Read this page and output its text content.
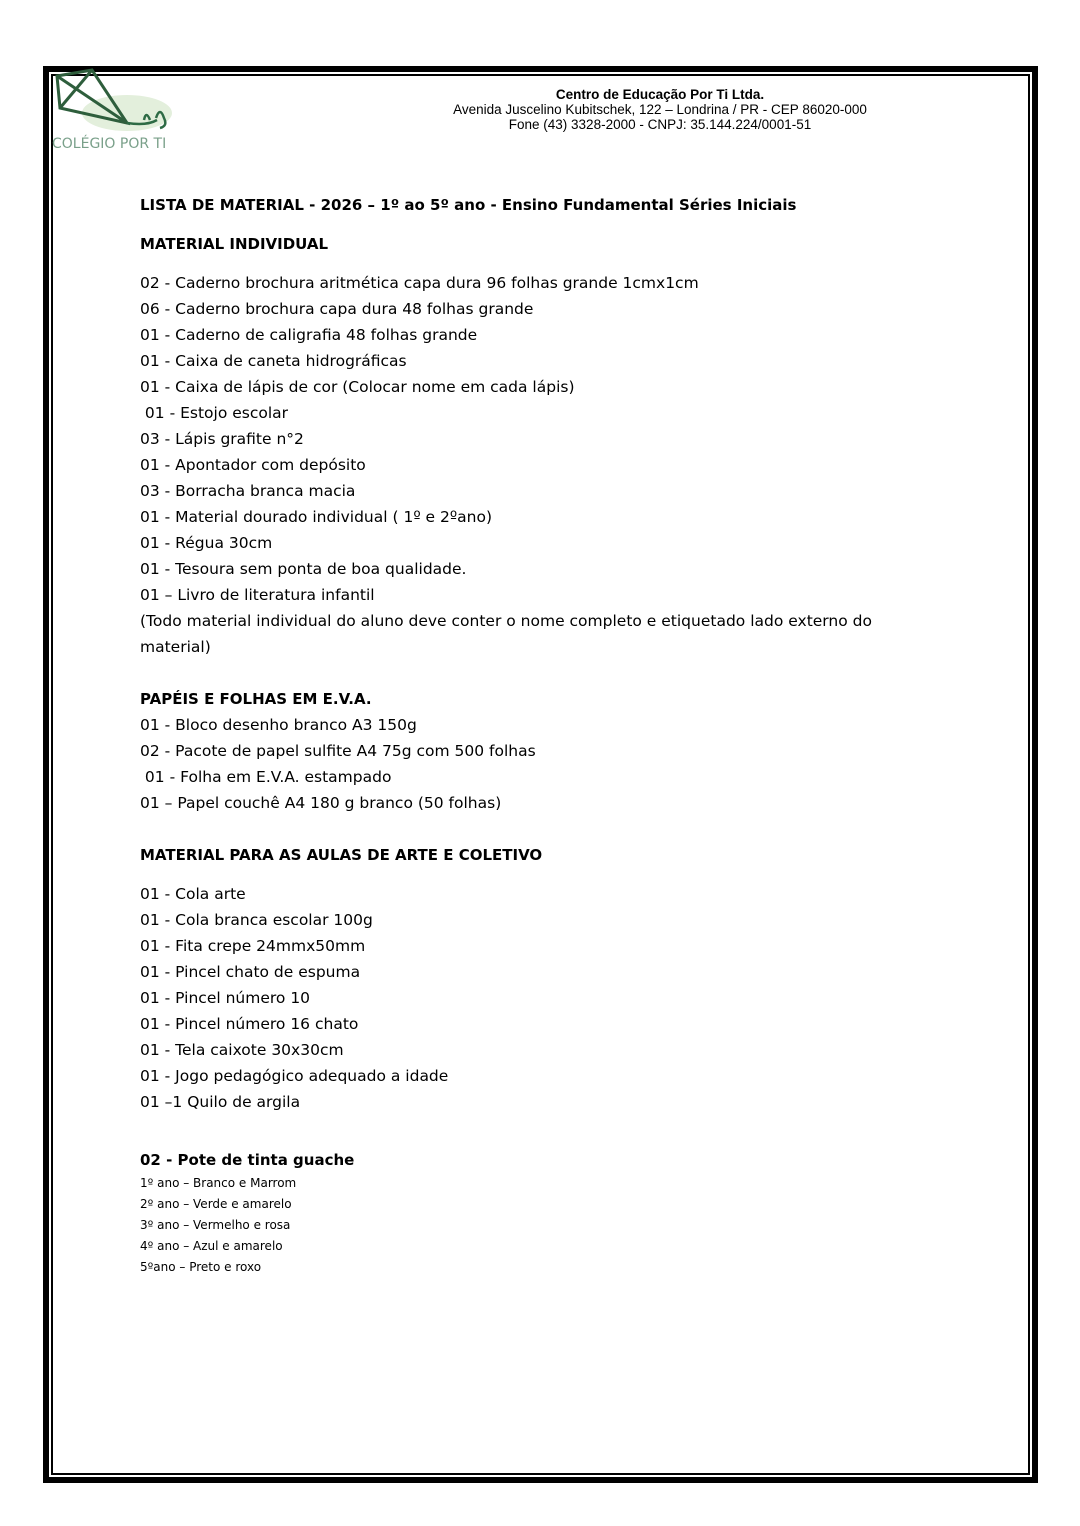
COLÉGIO POR TI
Centro de Educação Por Ti Ltda.
Avenida Juscelino Kubitschek, 122 – Londrina / PR - CEP 86020-000
Fone (43) 3328-2000 - CNPJ: 35.144.224/0001-51
LISTA DE MATERIAL - 2026 – 1º ao 5º ano - Ensino Fundamental Séries Iniciais
MATERIAL INDIVIDUAL
02 - Caderno brochura aritmética capa dura 96 folhas grande 1cmx1cm
06 - Caderno brochura capa dura 48 folhas grande
01 - Caderno de caligrafia 48 folhas grande
01 - Caixa de caneta hidrográficas
01 - Caixa de lápis de cor (Colocar nome em cada lápis)
01 - Estojo escolar
03 - Lápis grafite n°2
01 - Apontador com depósito
03 - Borracha branca macia
01 - Material dourado individual ( 1º e 2ºano)
01 - Régua 30cm
01 - Tesoura sem ponta de boa qualidade.
01 – Livro de literatura infantil
(Todo material individual do aluno deve conter o nome completo e etiquetado lado externo do material)
PAPÉIS E FOLHAS EM E.V.A.
01 - Bloco desenho branco A3 150g
02 - Pacote de papel sulfite A4 75g com 500 folhas
01 - Folha em E.V.A. estampado
01 – Papel couchê A4 180 g branco (50 folhas)
MATERIAL PARA AS AULAS DE ARTE E COLETIVO
01 - Cola arte
01 - Cola branca escolar 100g
01 - Fita crepe 24mmx50mm
01 - Pincel chato de espuma
01 - Pincel número 10
01 - Pincel número 16 chato
01 - Tela caixote 30x30cm
01 - Jogo pedagógico adequado a idade
01 –1 Quilo de argila
02 - Pote de tinta guache
1º ano – Branco e Marrom
2º ano – Verde e amarelo
3º ano – Vermelho e rosa
4º ano – Azul e amarelo
5ºano – Preto e roxo
